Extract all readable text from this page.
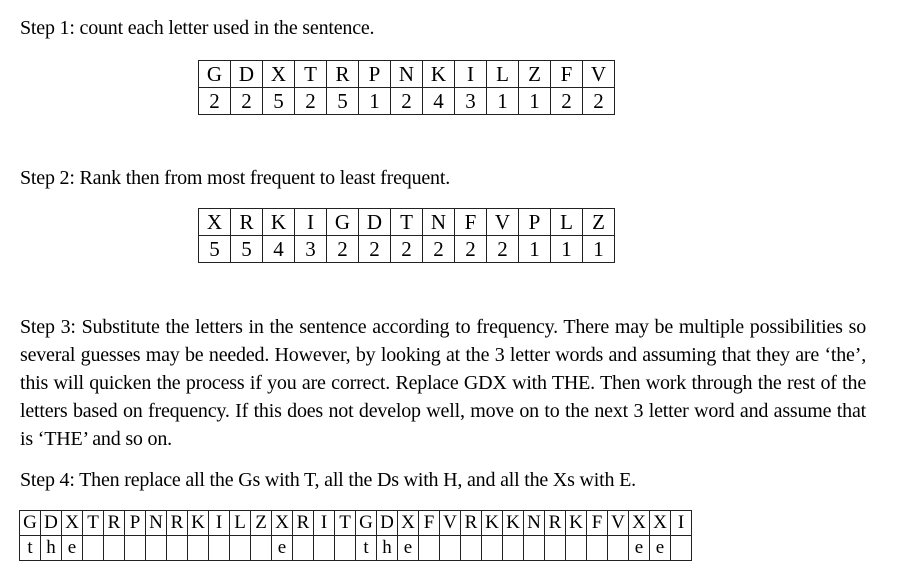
Step 1: count each letter used in the sentence.

G	D	X	T	R	P	N	K	I	L	Z	F	V
2	2	5	2	5	1	2	4	3	1	1	2	2

Step 2: Rank then from most frequent to least frequent.

X	R	K	I	G	D	T	N	F	V	P	L	Z
5	5	4	3	2	2	2	2	2	2	1	1	1

Step 3: Substitute the letters in the sentence according to frequency. There may be multiple possibilities so several guesses may be needed. However, by looking at the 3 letter words and assuming that they are ‘the’, this will quicken the process if you are correct. Replace GDX with THE. Then work through the rest of the letters based on frequency. If this does not develop well, move on to the next 3 letter word and assume that is ‘THE’ and so on.

Step 4: Then replace all the Gs with T, all the Ds with H, and all the Xs with E.

G	D	X	T	R	P	N	R	K	I	L	Z	X	R	I	T	G	D	X	F	V	R	K	K	N	R	K	F	V	X	X	I
t	h	e										e				t	h	e											e	e	
